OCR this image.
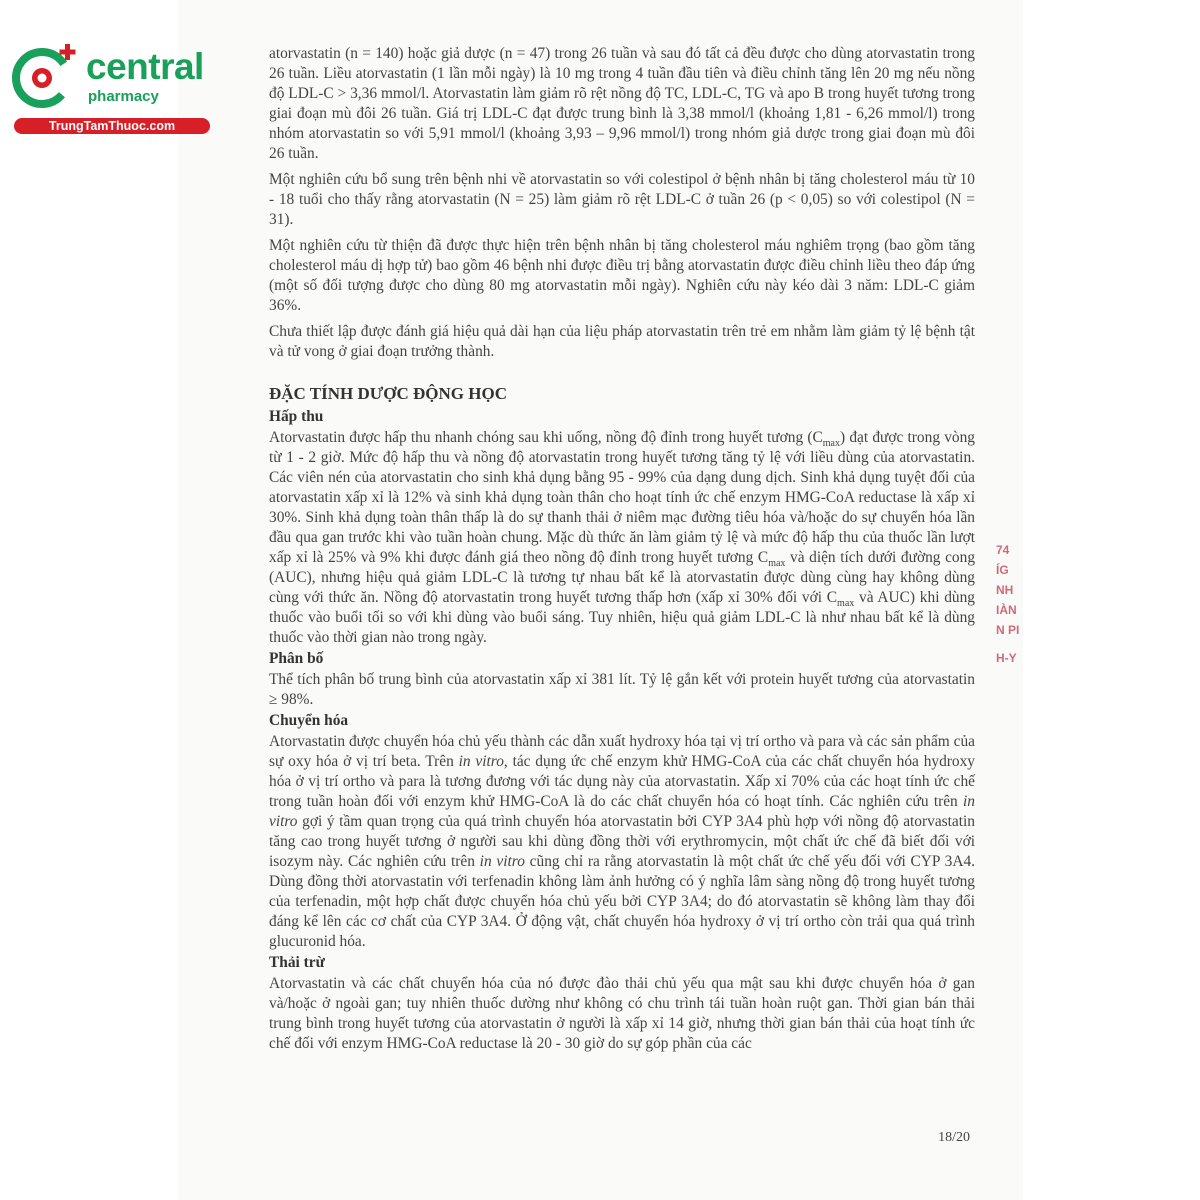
central
pharmacy
TrungTamThuoc.com

atorvastatin (n = 140) hoặc giả dược (n = 47) trong 26 tuần và sau đó tất cả đều được cho dùng atorvastatin trong 26 tuần. Liều atorvastatin (1 lần mỗi ngày) là 10 mg trong 4 tuần đầu tiên và điều chỉnh tăng lên 20 mg nếu nồng độ LDL-C > 3,36 mmol/l. Atorvastatin làm giảm rõ rệt nồng độ TC, LDL-C, TG và apo B trong huyết tương trong giai đoạn mù đôi 26 tuần. Giá trị LDL-C đạt được trung bình là 3,38 mmol/l (khoảng 1,81 - 6,26 mmol/l) trong nhóm atorvastatin so với 5,91 mmol/l (khoảng 3,93 – 9,96 mmol/l) trong nhóm giả dược trong giai đoạn mù đôi 26 tuần.

Một nghiên cứu bổ sung trên bệnh nhi về atorvastatin so với colestipol ở bệnh nhân bị tăng cholesterol máu từ 10 - 18 tuổi cho thấy rằng atorvastatin (N = 25) làm giảm rõ rệt LDL-C ở tuần 26 (p < 0,05) so với colestipol (N = 31).

Một nghiên cứu từ thiện đã được thực hiện trên bệnh nhân bị tăng cholesterol máu nghiêm trọng (bao gồm tăng cholesterol máu dị hợp tử) bao gồm 46 bệnh nhi được điều trị bằng atorvastatin được điều chỉnh liều theo đáp ứng (một số đối tượng được cho dùng 80 mg atorvastatin mỗi ngày). Nghiên cứu này kéo dài 3 năm: LDL-C giảm 36%.

Chưa thiết lập được đánh giá hiệu quả dài hạn của liệu pháp atorvastatin trên trẻ em nhằm làm giảm tỷ lệ bệnh tật và tử vong ở giai đoạn trưởng thành.

ĐẶC TÍNH DƯỢC ĐỘNG HỌC
Hấp thu

Atorvastatin được hấp thu nhanh chóng sau khi uống, nồng độ đỉnh trong huyết tương $(C_{max})$ đạt được trong vòng từ 1 - 2 giờ. Mức độ hấp thu và nồng độ atorvastatin trong huyết tương tăng tỷ lệ với liều dùng của atorvastatin. Các viên nén của atorvastatin cho sinh khả dụng bằng 95 - 99% của dạng dung dịch. Sinh khả dụng tuyệt đối của atorvastatin xấp xỉ là 12% và sinh khả dụng toàn thân cho hoạt tính ức chế enzym HMG-CoA reductase là xấp xỉ 30%. Sinh khả dụng toàn thân thấp là do sự thanh thải ở niêm mạc đường tiêu hóa và/hoặc do sự chuyển hóa lần đầu qua gan trước khi vào tuần hoàn chung. Mặc dù thức ăn làm giảm tỷ lệ và mức độ hấp thu của thuốc lần lượt xấp xỉ là 25% và 9% khi được đánh giá theo nồng độ đỉnh trong huyết tương $C_{max}$ và diện tích dưới đường cong (AUC), nhưng hiệu quả giảm LDL-C là tương tự nhau bất kể là atorvastatin được dùng cùng hay không dùng cùng với thức ăn. Nồng độ atorvastatin trong huyết tương thấp hơn (xấp xỉ 30% đối với $C_{max}$ và AUC) khi dùng thuốc vào buổi tối so với khi dùng vào buổi sáng. Tuy nhiên, hiệu quả giảm LDL-C là như nhau bất kể là dùng thuốc vào thời gian nào trong ngày.

Phân bố

Thể tích phân bố trung bình của atorvastatin xấp xỉ 381 lít. Tỷ lệ gắn kết với protein huyết tương của atorvastatin ≥ 98%.

Chuyển hóa

Atorvastatin được chuyển hóa chủ yếu thành các dẫn xuất hydroxy hóa tại vị trí ortho và para và các sản phẩm của sự oxy hóa ở vị trí beta. Trên in vitro, tác dụng ức chế enzym khử HMG-CoA của các chất chuyển hóa hydroxy hóa ở vị trí ortho và para là tương đương với tác dụng này của atorvastatin. Xấp xỉ 70% của các hoạt tính ức chế trong tuần hoàn đối với enzym khử HMG-CoA là do các chất chuyển hóa có hoạt tính. Các nghiên cứu trên in vitro gợi ý tầm quan trọng của quá trình chuyển hóa atorvastatin bởi CYP 3A4 phù hợp với nồng độ atorvastatin tăng cao trong huyết tương ở người sau khi dùng đồng thời với erythromycin, một chất ức chế đã biết đối với isozym này. Các nghiên cứu trên in vitro cũng chỉ ra rằng atorvastatin là một chất ức chế yếu đối với CYP 3A4. Dùng đồng thời atorvastatin với terfenadin không làm ảnh hưởng có ý nghĩa lâm sàng nồng độ trong huyết tương của terfenadin, một hợp chất được chuyển hóa chủ yếu bởi CYP 3A4; do đó atorvastatin sẽ không làm thay đổi đáng kể lên các cơ chất của CYP 3A4. Ở động vật, chất chuyển hóa hydroxy ở vị trí ortho còn trải qua quá trình glucuronid hóa.

Thải trừ

Atorvastatin và các chất chuyển hóa của nó được đào thải chủ yếu qua mật sau khi được chuyển hóa ở gan và/hoặc ở ngoài gan; tuy nhiên thuốc dường như không có chu trình tái tuần hoàn ruột gan. Thời gian bán thải trung bình trong huyết tương của atorvastatin ở người là xấp xỉ 14 giờ, nhưng thời gian bán thải của hoạt tính ức chế đối với enzym HMG-CoA reductase là 20 - 30 giờ do sự góp phần của các

18/20
74
ÍG
NH
IÀN
N PI
H-Y
